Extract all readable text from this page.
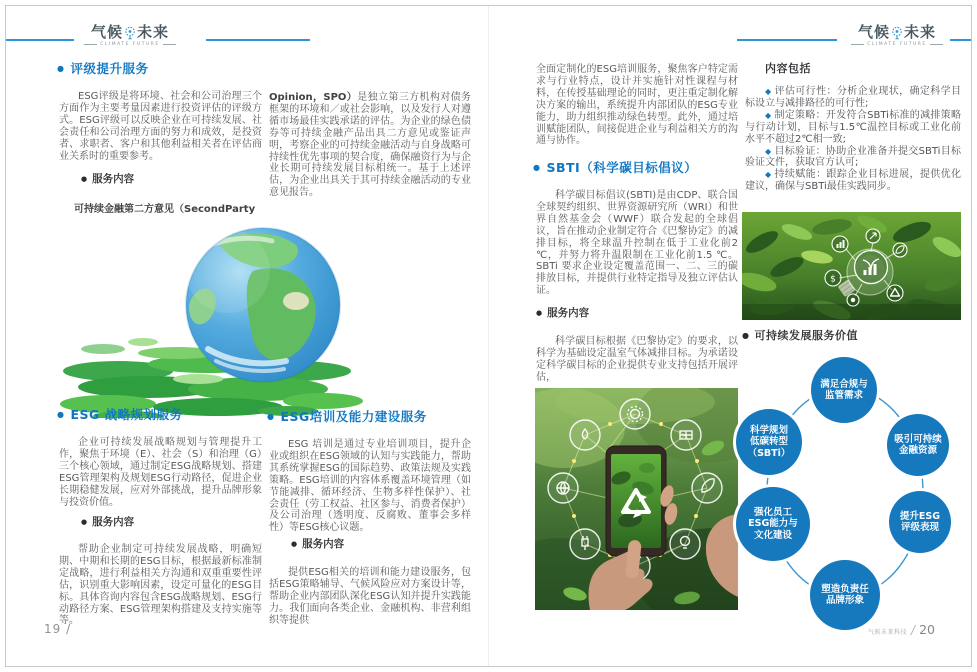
气候 未来
CLIMATE FUTURE
● 评级提升服务

ESG评级是将环境、社会和公司治理三个方面作为主要考量因素进行投资评估的评级方式。ESG评级可以反映企业在可持续发展、社会责任和公司治理方面的努力和成效，是投资者、求职者、客户和其他利益相关者在评估商业关系时的重要参考。

● 服务内容

可持续金融第二方意见（SecondParty

Opinion，SPO）是独立第三方机构对债务框架的环境和／或社会影响，以及发行人对遵循市场最佳实践承诺的评估。为企业的绿色债券等可持续金融产品出具二方意见或鉴证声明，考察企业的可持续金融活动与自身战略可持续性优先事项的契合度，确保融资行为与企业长期可持续发展目标相统一。基于上述评估，为企业出具关于其可持续金融活动的专业意见报告。

● ESG 战略规划服务

企业可持续发展战略规划与管理提升工作，聚焦于环境（E）、社会（S）和治理（G）三个核心领域，通过制定ESG战略规划、搭建ESG管理架构及规划ESG行动路径，促进企业长期稳健发展，应对外部挑战，提升品牌形象与投资价值。

● 服务内容

帮助企业制定可持续发展战略，明确短期、中期和长期的ESG目标，根据最新标准制定战略，进行利益相关方沟通和双重重要性评估，识别重大影响因素，设定可量化的ESG目标。具体咨询内容包含ESG战略规划、ESG行动路径方案、ESG管理架构搭建及支持实施等等。

● ESG培训及能力建设服务

ESG 培训是通过专业培训项目，提升企业或组织在ESG领域的认知与实践能力，帮助其系统掌握ESG的国际趋势、政策法规及实践策略。ESG培训的内容体系覆盖环境管理（如节能减排、循环经济、生物多样性保护）、社会责任（劳工权益、社区参与、消费者保护）及公司治理（透明度、反腐败、董事会多样性）等ESG核心议题。

● 服务内容

提供ESG相关的培训和能力建设服务，包括ESG策略辅导、气候风险应对方案设计等，帮助企业内部团队深化ESG认知并提升实践能力。我们面向各类企业、金融机构、非营利组织等提供

19 /
气候 未来
CLIMATE FUTURE

全面定制化的ESG培训服务，聚焦客户特定需求与行业特点，设计并实施针对性课程与材料，在传授基础理论的同时，更注重定制化解决方案的输出，系统提升内部团队的ESG专业能力，助力组织推动绿色转型。此外，通过培训赋能团队，间接促进企业与利益相关方的沟通与协作。

● SBTI（科学碳目标倡议）

科学碳目标倡议(SBTI)是由CDP、联合国全球契约组织、世界资源研究所（WRI）和世界自然基金会（WWF）联合发起的全球倡议，旨在推动企业制定符合《巴黎协定》的减排目标，将全球温升控制在低于工业化前2 ℃，并努力将升温限制在工业化前1.5 ℃。SBTi 要求企业设定覆盖范围一、二、三的碳排放目标，并提供行业特定指导及独立评估认证。

● 服务内容

科学碳目标根据《巴黎协定》的要求，以科学为基础设定温室气体减排目标。为承诺设定科学碳目标的企业提供专业支持包括开展评估，

内容包括

◆ 评估可行性：分析企业现状，确定科学目标设立与减排路径的可行性;

◆ 制定策略：开发符合SBTi标准的减排策略与行动计划，目标与1.5℃温控目标或工业化前水平不超过2℃相一致;

◆ 目标验证：协助企业准备并提交SBTi目标验证文件，获取官方认可;

◆ 持续赋能：跟踪企业目标进展，提供优化建议，确保与SBTi最佳实践同步。

$
● 可持续发展服务价值
满足合规与
监管需求
吸引可持续
金融资源
提升ESG
评级表现
塑造负责任
品牌形象
强化员工
ESG能力与
文化建设
科学规划
低碳转型
（SBTi）
气候未来科技 / 20
